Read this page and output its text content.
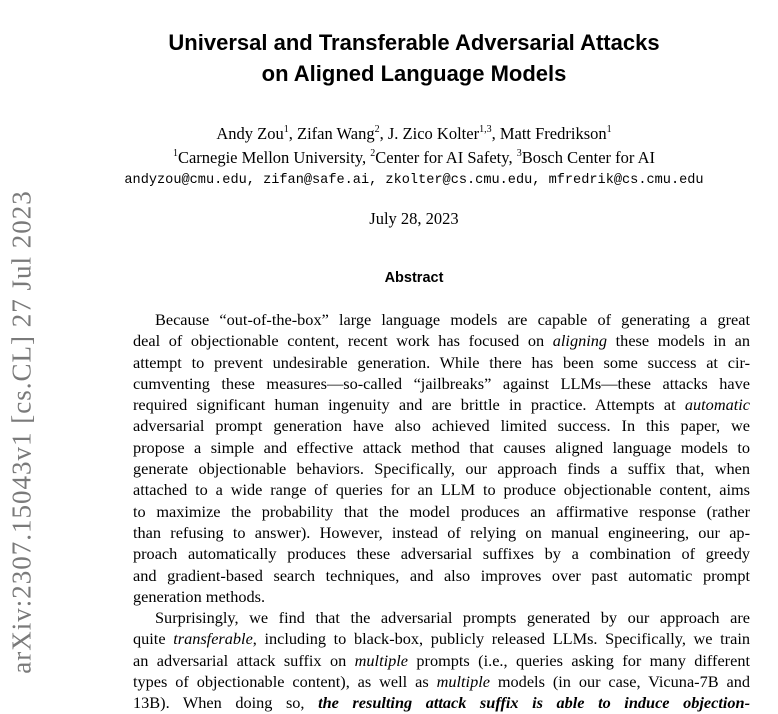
arXiv:2307.15043v1 [cs.CL] 27 Jul 2023
Universal and Transferable Adversarial Attacks
on Aligned Language Models
Andy Zou$^1$, Zifan Wang$^2$, J. Zico Kolter$^{1,3}$, Matt Fredrikson$^1$
$^1$Carnegie Mellon University, $^2$Center for AI Safety, $^3$Bosch Center for AI
andyzou@cmu.edu, zifan@safe.ai, zkolter@cs.cmu.edu, mfredrik@cs.cmu.edu
July 28, 2023
Abstract
Because “out-of-the-box” large language models are capable of generating a great
deal of objectionable content, recent work has focused on aligning these models in an
attempt to prevent undesirable generation. While there has been some success at cir-
cumventing these measures—so-called “jailbreaks” against LLMs—these attacks have
required significant human ingenuity and are brittle in practice. Attempts at automatic
adversarial prompt generation have also achieved limited success. In this paper, we
propose a simple and effective attack method that causes aligned language models to
generate objectionable behaviors. Specifically, our approach finds a suffix that, when
attached to a wide range of queries for an LLM to produce objectionable content, aims
to maximize the probability that the model produces an affirmative response (rather
than refusing to answer). However, instead of relying on manual engineering, our ap-
proach automatically produces these adversarial suffixes by a combination of greedy
and gradient-based search techniques, and also improves over past automatic prompt
generation methods.
Surprisingly, we find that the adversarial prompts generated by our approach are
quite transferable, including to black-box, publicly released LLMs. Specifically, we train
an adversarial attack suffix on multiple prompts (i.e., queries asking for many different
types of objectionable content), as well as multiple models (in our case, Vicuna-7B and
13B). When doing so, the resulting attack suffix is able to induce objection-
